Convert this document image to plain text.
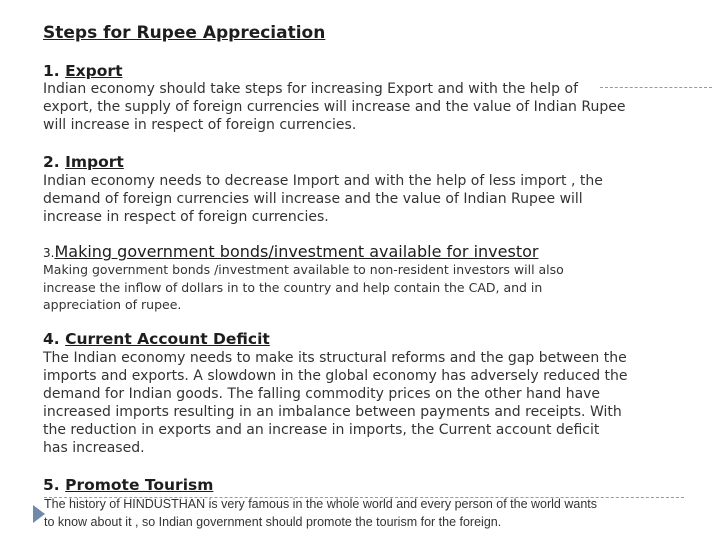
Steps for Rupee Appreciation
1. Export
Indian economy should take steps for increasing Export and with the help of
export, the supply of foreign currencies will increase and the value of Indian Rupee
will increase in respect of foreign currencies.
2. Import
Indian economy needs to decrease Import and with the help of less import , the
demand of foreign currencies will increase and the value of Indian Rupee will
increase in respect of foreign currencies.
3.Making government bonds/investment available for investor
Making government bonds /investment available to non-resident investors will also
increase the inflow of dollars in to the country and help contain the CAD, and in
appreciation of rupee.
4. Current Account Deficit
The Indian economy needs to make its structural reforms and the gap between the
imports and exports. A slowdown in the global economy has adversely reduced the
demand for Indian goods. The falling commodity prices on the other hand have
increased imports resulting in an imbalance between payments and receipts. With
the reduction in exports and an increase in imports, the Current account deficit
has increased.
5. Promote Tourism
The history of HINDUSTHAN is very famous in the whole world and every person of the world wants
to know about it , so Indian government should promote the tourism for the foreign.
